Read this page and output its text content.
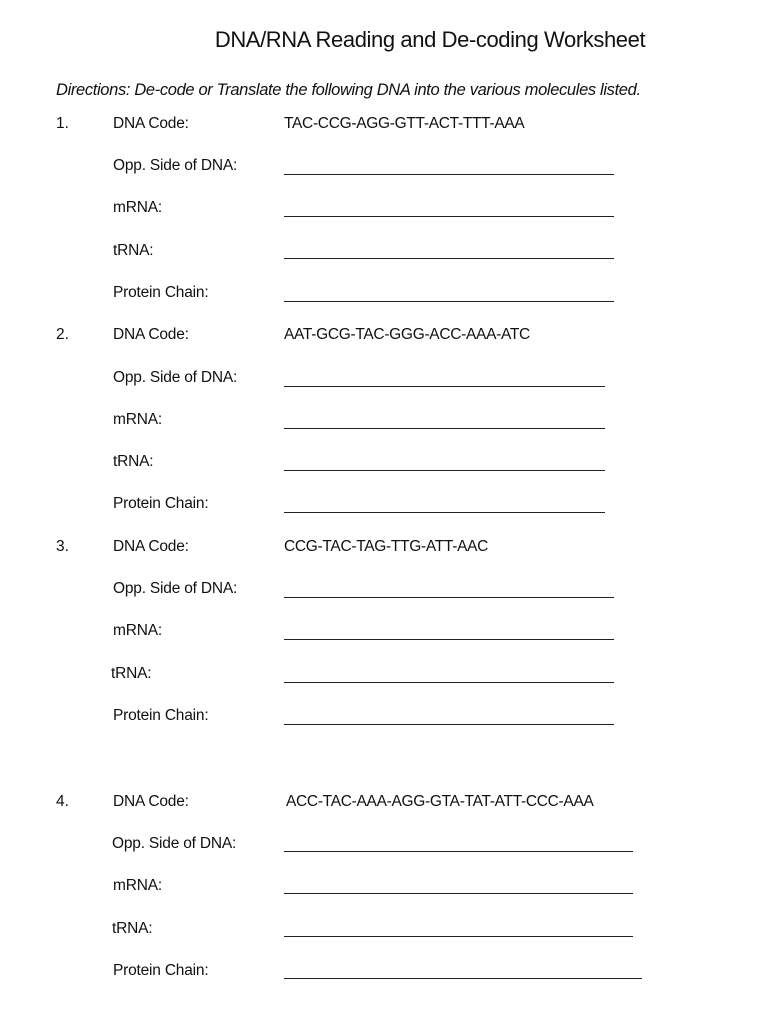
DNA/RNA Reading and De-coding Worksheet
Directions: De-code or Translate the following DNA into the various molecules listed.
1.	DNA Code:	TAC-CCG-AGG-GTT-ACT-TTT-AAA
Opp. Side of DNA:
mRNA:
tRNA:
Protein Chain:
2.	DNA Code:	AAT-GCG-TAC-GGG-ACC-AAA-ATC
Opp. Side of DNA:
mRNA:
tRNA:
Protein Chain:
3.	DNA Code:	CCG-TAC-TAG-TTG-ATT-AAC
Opp. Side of DNA:
mRNA:
tRNA:
Protein Chain:
4.	DNA Code:	ACC-TAC-AAA-AGG-GTA-TAT-ATT-CCC-AAA
Opp. Side of DNA:
mRNA:
tRNA:
Protein Chain:
